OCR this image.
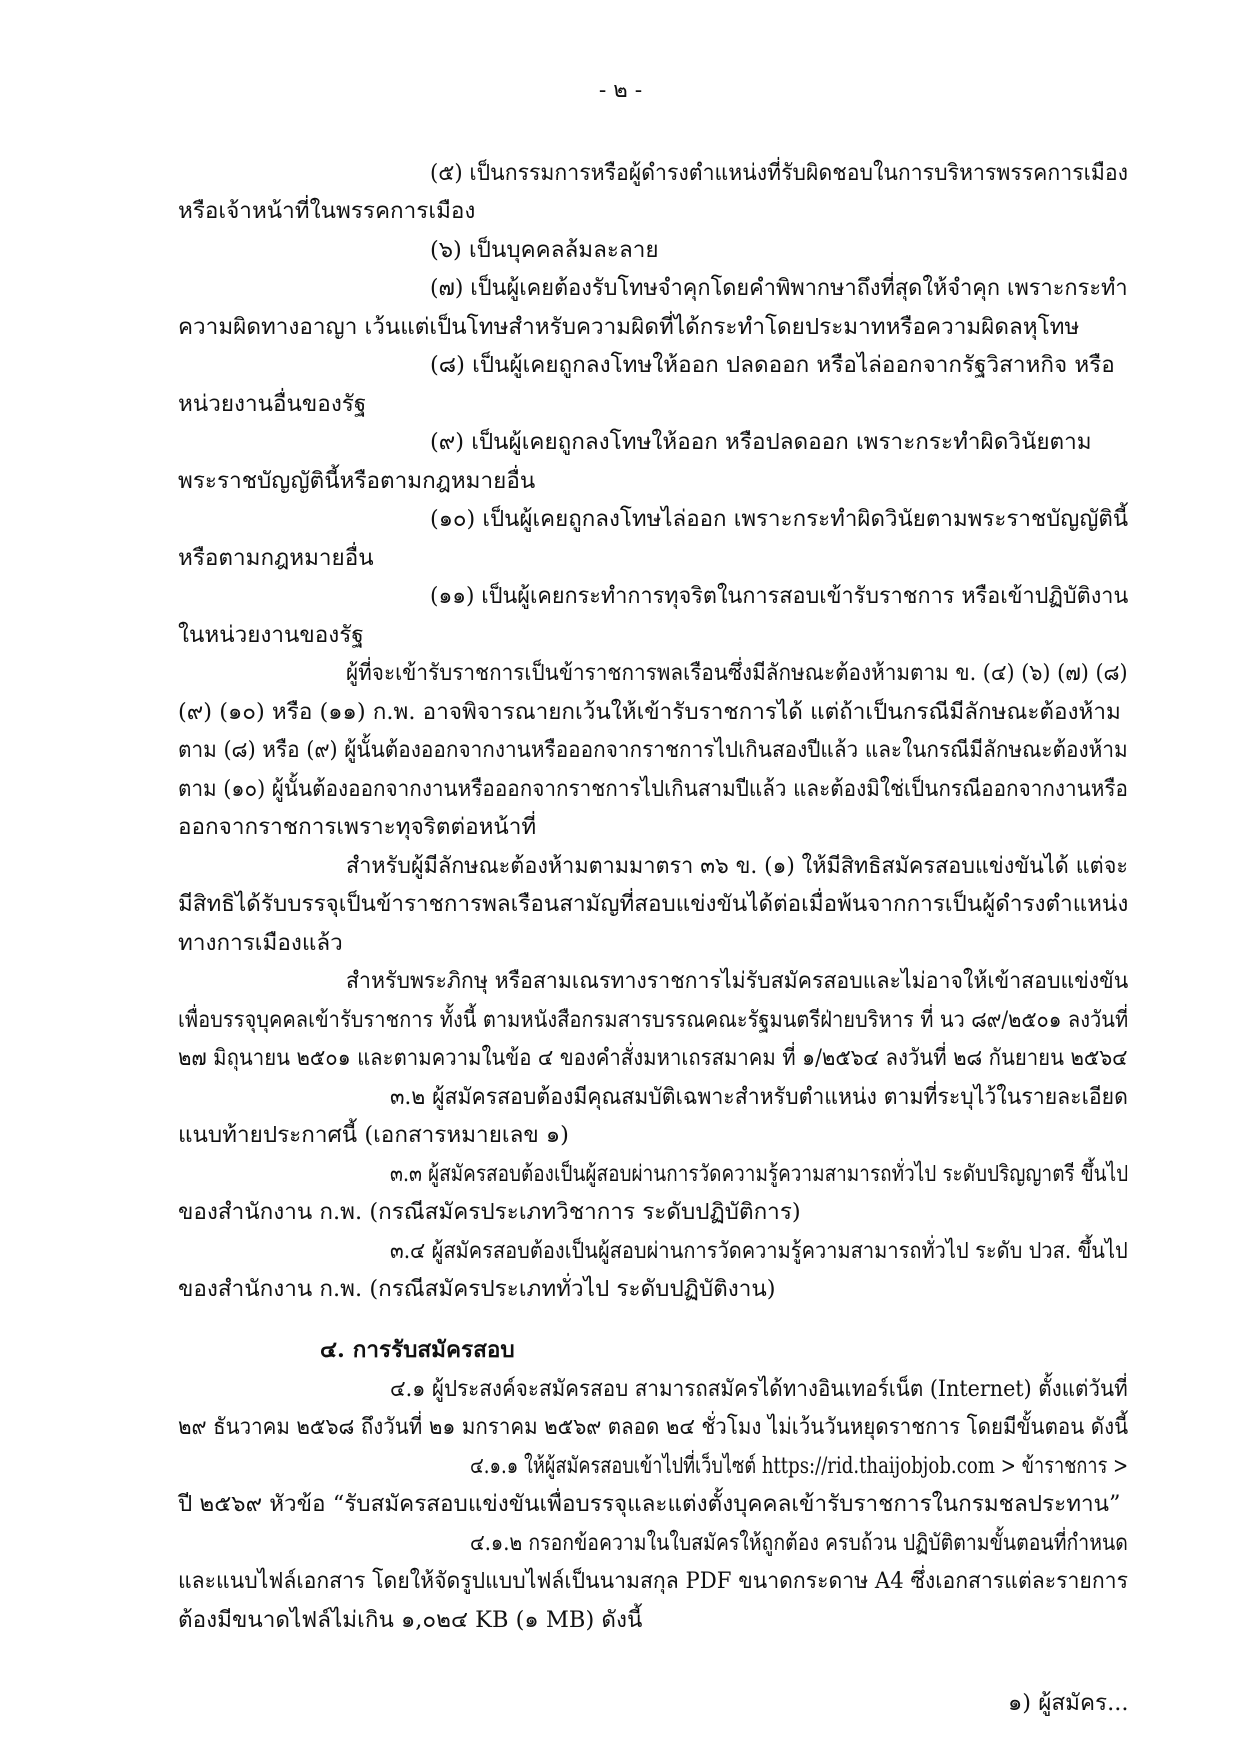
- ๒ -
(๕) เป็นกรรมการหรือผู้ดำรงตำแหน่งที่รับผิดชอบในการบริหารพรรคการเมือง
หรือเจ้าหน้าที่ในพรรคการเมือง
(๖) เป็นบุคคลล้มละลาย
(๗) เป็นผู้เคยต้องรับโทษจำคุกโดยคำพิพากษาถึงที่สุดให้จำคุก เพราะกระทำ
ความผิดทางอาญา เว้นแต่เป็นโทษสำหรับความผิดที่ได้กระทำโดยประมาทหรือความผิดลหุโทษ
(๘) เป็นผู้เคยถูกลงโทษให้ออก ปลดออก หรือไล่ออกจากรัฐวิสาหกิจ หรือ
หน่วยงานอื่นของรัฐ
(๙) เป็นผู้เคยถูกลงโทษให้ออก หรือปลดออก เพราะกระทำผิดวินัยตาม
พระราชบัญญัตินี้หรือตามกฎหมายอื่น
(๑๐) เป็นผู้เคยถูกลงโทษไล่ออก เพราะกระทำผิดวินัยตามพระราชบัญญัตินี้
หรือตามกฎหมายอื่น
(๑๑) เป็นผู้เคยกระทำการทุจริตในการสอบเข้ารับราชการ หรือเข้าปฏิบัติงาน
ในหน่วยงานของรัฐ
ผู้ที่จะเข้ารับราชการเป็นข้าราชการพลเรือนซึ่งมีลักษณะต้องห้ามตาม ข. (๔) (๖) (๗) (๘)
(๙) (๑๐) หรือ (๑๑) ก.พ. อาจพิจารณายกเว้นให้เข้ารับราชการได้ แต่ถ้าเป็นกรณีมีลักษณะต้องห้าม
ตาม (๘) หรือ (๙) ผู้นั้นต้องออกจากงานหรือออกจากราชการไปเกินสองปีแล้ว และในกรณีมีลักษณะต้องห้าม
ตาม (๑๐) ผู้นั้นต้องออกจากงานหรือออกจากราชการไปเกินสามปีแล้ว และต้องมิใช่เป็นกรณีออกจากงานหรือ
ออกจากราชการเพราะทุจริตต่อหน้าที่
สำหรับผู้มีลักษณะต้องห้ามตามมาตรา ๓๖ ข. (๑) ให้มีสิทธิสมัครสอบแข่งขันได้ แต่จะ
มีสิทธิได้รับบรรจุเป็นข้าราชการพลเรือนสามัญที่สอบแข่งขันได้ต่อเมื่อพ้นจากการเป็นผู้ดำรงตำแหน่ง
ทางการเมืองแล้ว
สำหรับพระภิกษุ หรือสามเณรทางราชการไม่รับสมัครสอบและไม่อาจให้เข้าสอบแข่งขัน
เพื่อบรรจุบุคคลเข้ารับราชการ ทั้งนี้ ตามหนังสือกรมสารบรรณคณะรัฐมนตรีฝ่ายบริหาร ที่ นว ๘๙/๒๕๐๑ ลงวันที่
๒๗ มิถุนายน ๒๕๐๑ และตามความในข้อ ๔ ของคำสั่งมหาเถรสมาคม ที่ ๑/๒๕๖๔ ลงวันที่ ๒๘ กันยายน ๒๕๖๔
๓.๒ ผู้สมัครสอบต้องมีคุณสมบัติเฉพาะสำหรับตำแหน่ง ตามที่ระบุไว้ในรายละเอียด
แนบท้ายประกาศนี้ (เอกสารหมายเลข ๑)
๓.๓ ผู้สมัครสอบต้องเป็นผู้สอบผ่านการวัดความรู้ความสามารถทั่วไป ระดับปริญญาตรี ขึ้นไป
ของสำนักงาน ก.พ. (กรณีสมัครประเภทวิชาการ ระดับปฏิบัติการ)
๓.๔ ผู้สมัครสอบต้องเป็นผู้สอบผ่านการวัดความรู้ความสามารถทั่วไป ระดับ ปวส. ขึ้นไป
ของสำนักงาน ก.พ. (กรณีสมัครประเภททั่วไป ระดับปฏิบัติงาน)
๔. การรับสมัครสอบ
๔.๑ ผู้ประสงค์จะสมัครสอบ สามารถสมัครได้ทางอินเทอร์เน็ต (Internet) ตั้งแต่วันที่
๒๙ ธันวาคม ๒๕๖๘ ถึงวันที่ ๒๑ มกราคม ๒๕๖๙ ตลอด ๒๔ ชั่วโมง ไม่เว้นวันหยุดราชการ โดยมีขั้นตอน ดังนี้
๔.๑.๑ ให้ผู้สมัครสอบเข้าไปที่เว็บไซต์ https://rid.thaijobjob.com > ข้าราชการ >
ปี ๒๕๖๙ หัวข้อ “รับสมัครสอบแข่งขันเพื่อบรรจุและแต่งตั้งบุคคลเข้ารับราชการในกรมชลประทาน”
๔.๑.๒ กรอกข้อความในใบสมัครให้ถูกต้อง ครบถ้วน ปฏิบัติตามขั้นตอนที่กำหนด
และแนบไฟล์เอกสาร โดยให้จัดรูปแบบไฟล์เป็นนามสกุล PDF ขนาดกระดาษ A4 ซึ่งเอกสารแต่ละรายการ
ต้องมีขนาดไฟล์ไม่เกิน ๑,๐๒๔ KB (๑ MB) ดังนี้
๑) ผู้สมัคร...
